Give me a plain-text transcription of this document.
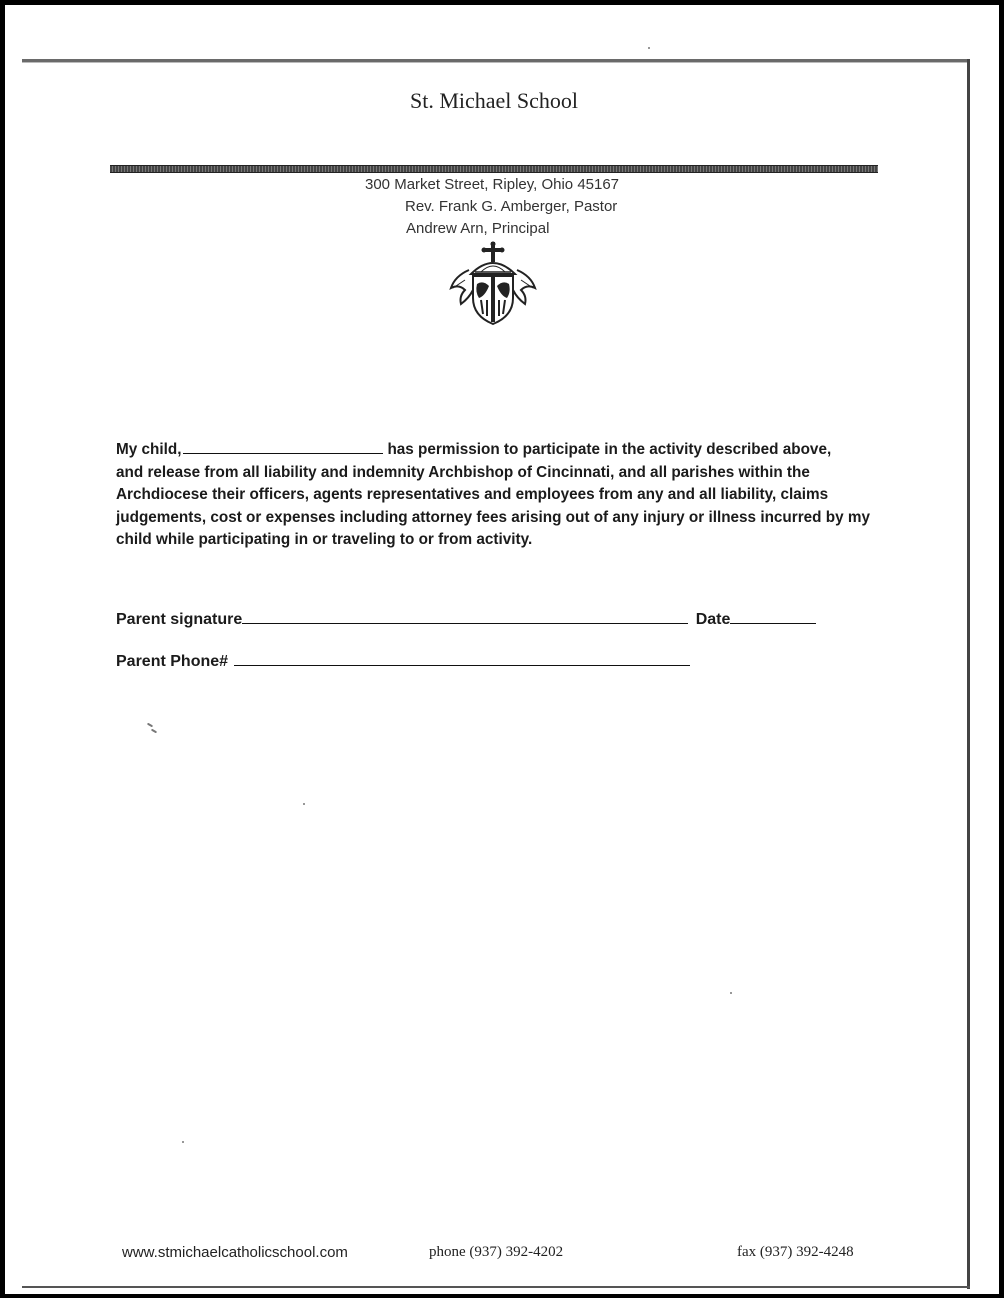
St. Michael School
300 Market Street, Ripley, Ohio 45167
Rev. Frank G. Amberger, Pastor
Andrew Arn, Principal
My child,	has permission to participate in the activity described above,
and release from all liability and indemnity Archbishop of Cincinnati, and all parishes within the
Archdiocese their officers, agents representatives and employees from any and all liability, claims
judgements, cost or expenses including attorney fees arising out of any injury or illness incurred by my
child while participating in or traveling to or from activity.
Parent signature	Date
Parent Phone#
www.stmichaelcatholicschool.com	phone (937) 392-4202	fax (937) 392-4248
